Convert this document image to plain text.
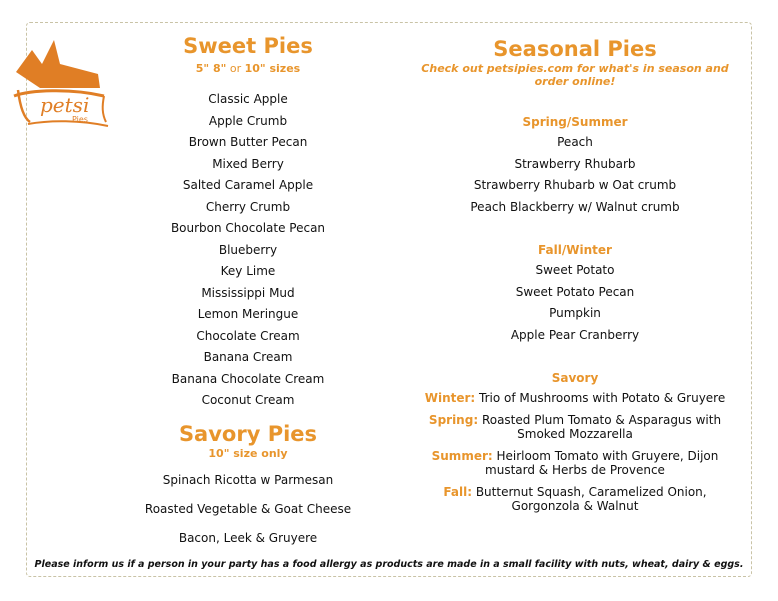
petsi
Pies
Sweet Pies
5" 8" or 10" sizes
Classic Apple
Apple Crumb
Brown Butter Pecan
Mixed Berry
Salted Caramel Apple
Cherry Crumb
Bourbon Chocolate Pecan
Blueberry
Key Lime
Mississippi Mud
Lemon Meringue
Chocolate Cream
Banana Cream
Banana Chocolate Cream
Coconut Cream
Savory Pies
10" size only
Spinach Ricotta w Parmesan
Roasted Vegetable & Goat Cheese
Bacon, Leek & Gruyere
Seasonal Pies
Check out petsipies.com for what's in season and
order online!
Spring/Summer
Peach
Strawberry Rhubarb
Strawberry Rhubarb w Oat crumb
Peach Blackberry w/ Walnut crumb
Fall/Winter
Sweet Potato
Sweet Potato Pecan
Pumpkin
Apple Pear Cranberry
Savory
Winter: Trio of Mushrooms with Potato & Gruyere
Spring: Roasted Plum Tomato & Asparagus with
Smoked Mozzarella
Summer: Heirloom Tomato with Gruyere, Dijon
mustard & Herbs de Provence
Fall: Butternut Squash, Caramelized Onion,
Gorgonzola & Walnut
Please inform us if a person in your party has a food allergy as products are made in a small facility with nuts, wheat, dairy & eggs.
